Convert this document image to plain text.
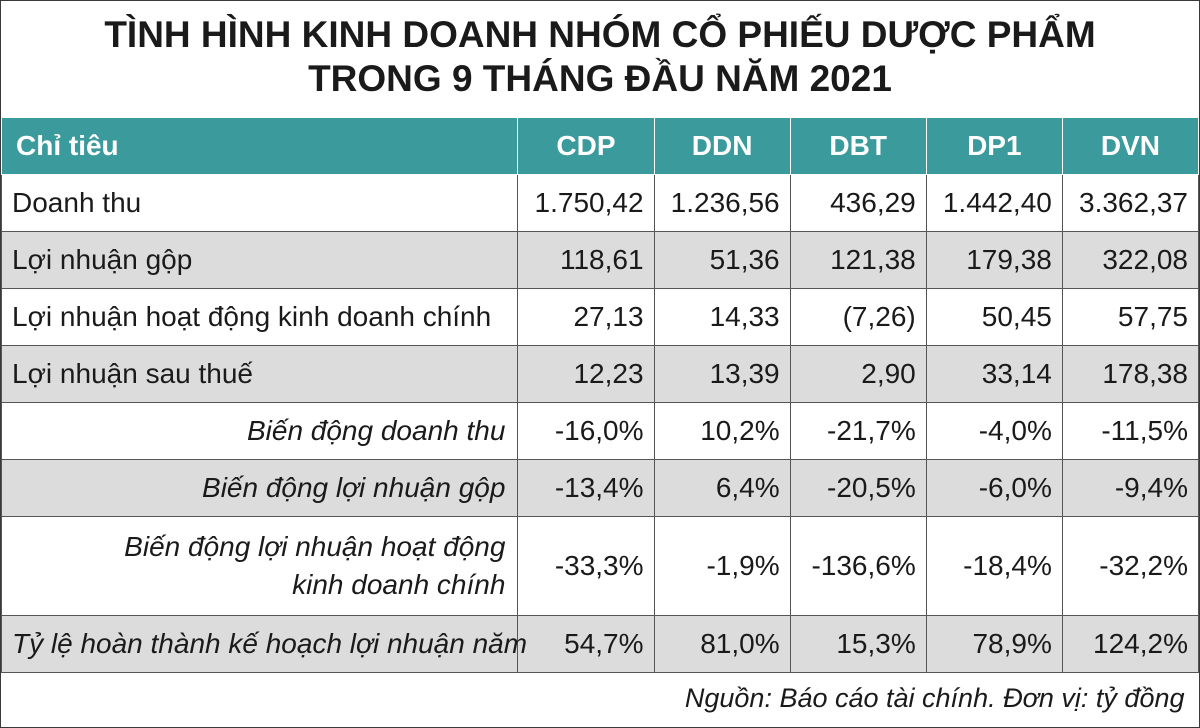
TÌNH HÌNH KINH DOANH NHÓM CỔ PHIẾU DƯỢC PHẨM
TRONG 9 THÁNG ĐẦU NĂM 2021
Chỉ tiêu	CDP	DDN	DBT	DP1	DVN
Doanh thu	1.750,42	1.236,56	436,29	1.442,40	3.362,37
Lợi nhuận gộp	118,61	51,36	121,38	179,38	322,08
Lợi nhuận hoạt động kinh doanh chính	27,13	14,33	(7,26)	50,45	57,75
Lợi nhuận sau thuế	12,23	13,39	2,90	33,14	178,38
Biến động doanh thu	-16,0%	10,2%	-21,7%	-4,0%	-11,5%
Biến động lợi nhuận gộp	-13,4%	6,4%	-20,5%	-6,0%	-9,4%

Biến động lợi nhuận hoạt động
kinh doanh chính	-33,3%	-1,9%	-136,6%	-18,4%	-32,2%
Tỷ lệ hoàn thành kế hoạch lợi nhuận năm	54,7%	81,0%	15,3%	78,9%	124,2%
Nguồn: Báo cáo tài chính. Đơn vị: tỷ đồng					
